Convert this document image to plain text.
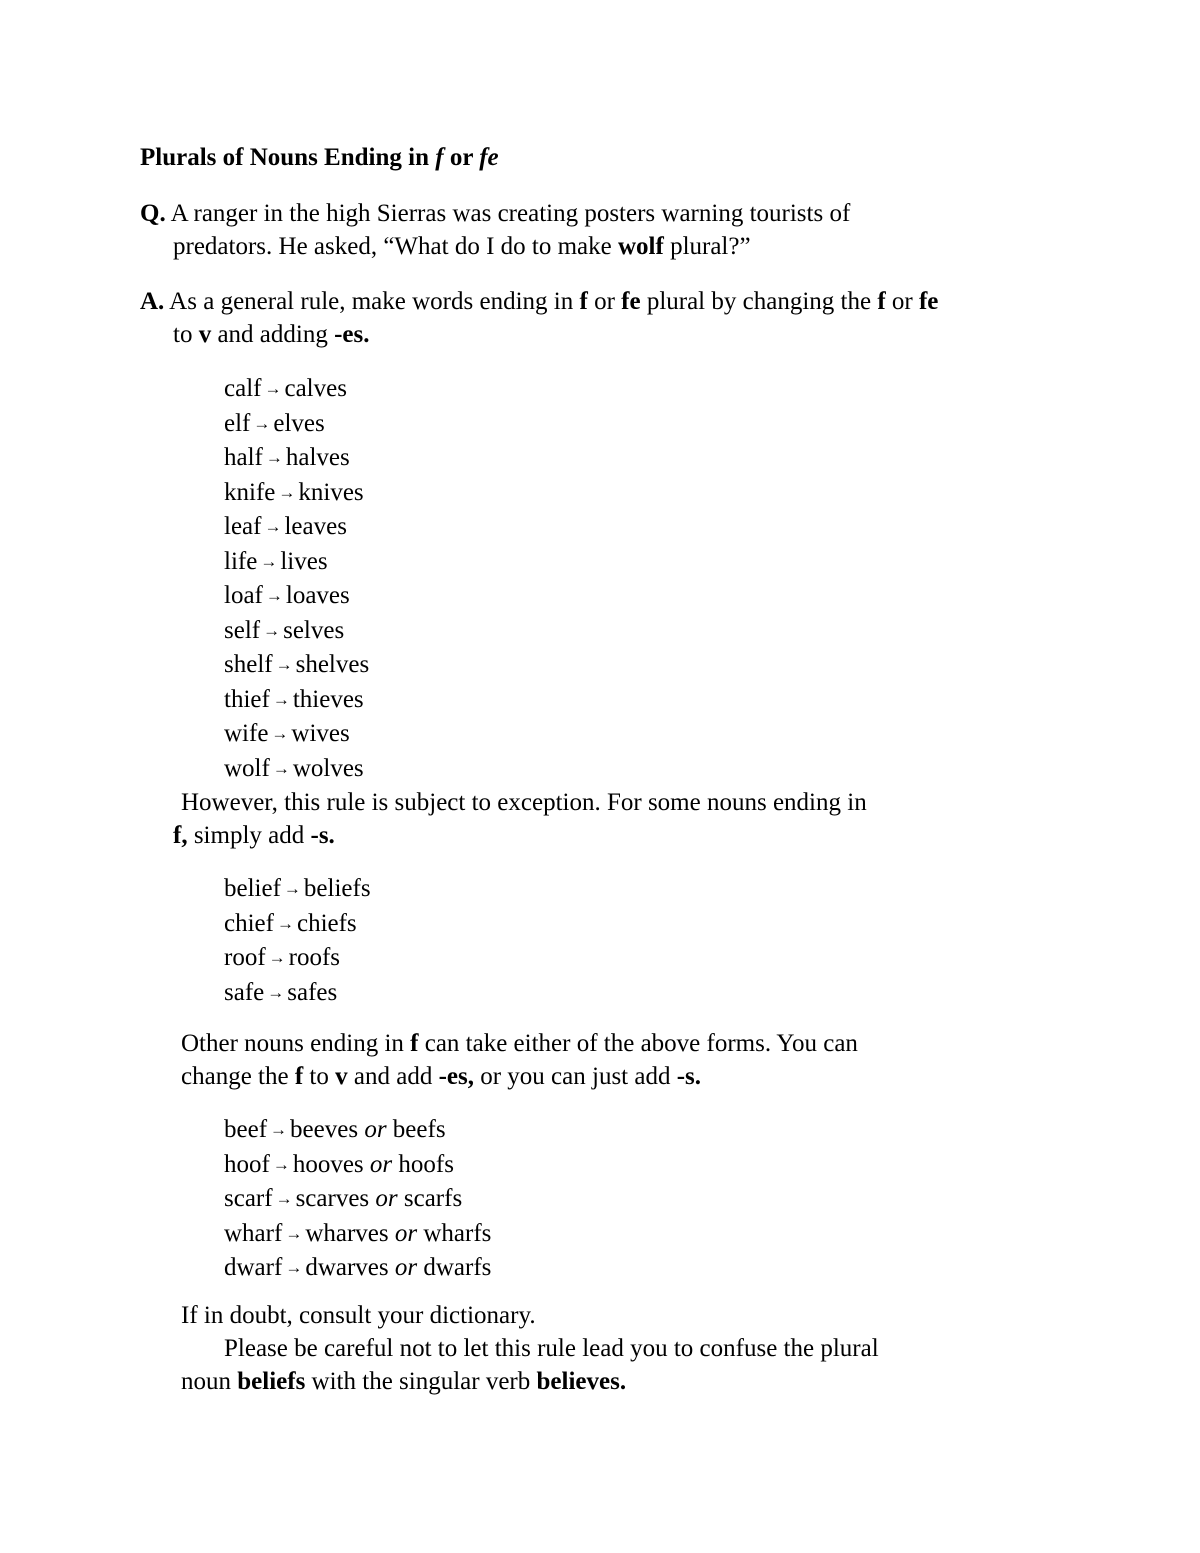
Plurals of Nouns Ending in f or fe
Q. A ranger in the high Sierras was creating posters warning tourists of
predators. He asked, “What do I do to make wolf plural?”
A. As a general rule, make words ending in f or fe plural by changing the f or fe
to v and adding -es.
calf → calves
elf → elves
half → halves
knife → knives
leaf → leaves
life → lives
loaf → loaves
self → selves
shelf → shelves
thief → thieves
wife → wives
wolf → wolves
However, this rule is subject to exception. For some nouns ending in
f, simply add -s.
belief → beliefs
chief → chiefs
roof → roofs
safe → safes
Other nouns ending in f can take either of the above forms. You can
change the f to v and add -es, or you can just add -s.
beef → beeves or beefs
hoof → hooves or hoofs
scarf → scarves or scarfs
wharf → wharves or wharfs
dwarf → dwarves or dwarfs
If in doubt, consult your dictionary.
Please be careful not to let this rule lead you to confuse the plural
noun beliefs with the singular verb believes.
